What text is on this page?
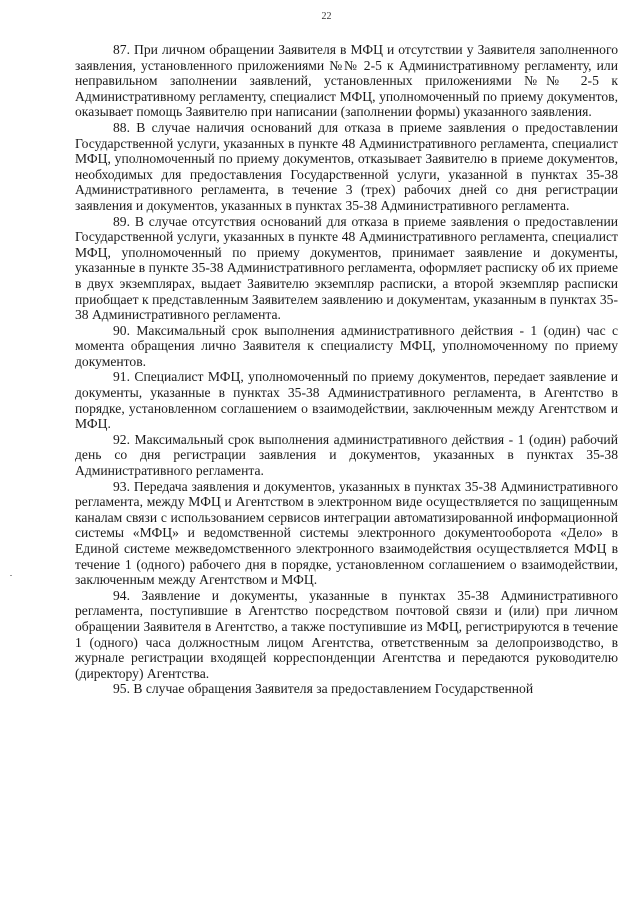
22

87. При личном обращении Заявителя в МФЦ и отсутствии у Заявителя заполненного заявления, установленного приложениями №№ 2-5 к Административному регламенту, или неправильном заполнении заявлений, установленных приложениями №№ 2-5 к Административному регламенту, специалист МФЦ, уполномоченный по приему документов, оказывает помощь Заявителю при написании (заполнении формы) указанного заявления.

88. В случае наличия оснований для отказа в приеме заявления о предоставлении Государственной услуги, указанных в пункте 48 Административного регламента, специалист МФЦ, уполномоченный по приему документов, отказывает Заявителю в приеме документов, необходимых для предоставления Государственной услуги, указанной в пунктах 35-38 Административного регламента, в течение 3 (трех) рабочих дней со дня регистрации заявления и документов, указанных в пунктах 35-38 Административного регламента.

89. В случае отсутствия оснований для отказа в приеме заявления о предоставлении Государственной услуги, указанных в пункте 48 Административного регламента, специалист МФЦ, уполномоченный по приему документов, принимает заявление и документы, указанные в пункте 35-38 Административного регламента, оформляет расписку об их приеме в двух экземплярах, выдает Заявителю экземпляр расписки, а второй экземпляр расписки приобщает к представленным Заявителем заявлению и документам, указанным в пунктах 35-38 Административного регламента.

90. Максимальный срок выполнения административного действия - 1 (один) час с момента обращения лично Заявителя к специалисту МФЦ, уполномоченному по приему документов.

91. Специалист МФЦ, уполномоченный по приему документов, передает заявление и документы, указанные в пунктах 35-38 Административного регламента, в Агентство в порядке, установленном соглашением о взаимодействии, заключенным между Агентством и МФЦ.

92. Максимальный срок выполнения административного действия - 1 (один) рабочий день со дня регистрации заявления и документов, указанных в пунктах 35-38 Административного регламента.

93. Передача заявления и документов, указанных в пунктах 35-38 Административного регламента, между МФЦ и Агентством в электронном виде осуществляется по защищенным каналам связи с использованием сервисов интеграции автоматизированной информационной системы «МФЦ» и ведомственной системы электронного документооборота «Дело» в Единой системе межведомственного электронного взаимодействия осуществляется МФЦ в течение 1 (одного) рабочего дня в порядке, установленном соглашением о взаимодействии, заключенным между Агентством и МФЦ.

94. Заявление и документы, указанные в пунктах 35-38 Административного регламента, поступившие в Агентство посредством почтовой связи и (или) при личном обращении Заявителя в Агентство, а также поступившие из МФЦ, регистрируются в течение 1 (одного) часа должностным лицом Агентства, ответственным за делопроизводство, в журнале регистрации входящей корреспонденции Агентства и передаются руководителю (директору) Агентства.

95. В случае обращения Заявителя за предоставлением Государственной
